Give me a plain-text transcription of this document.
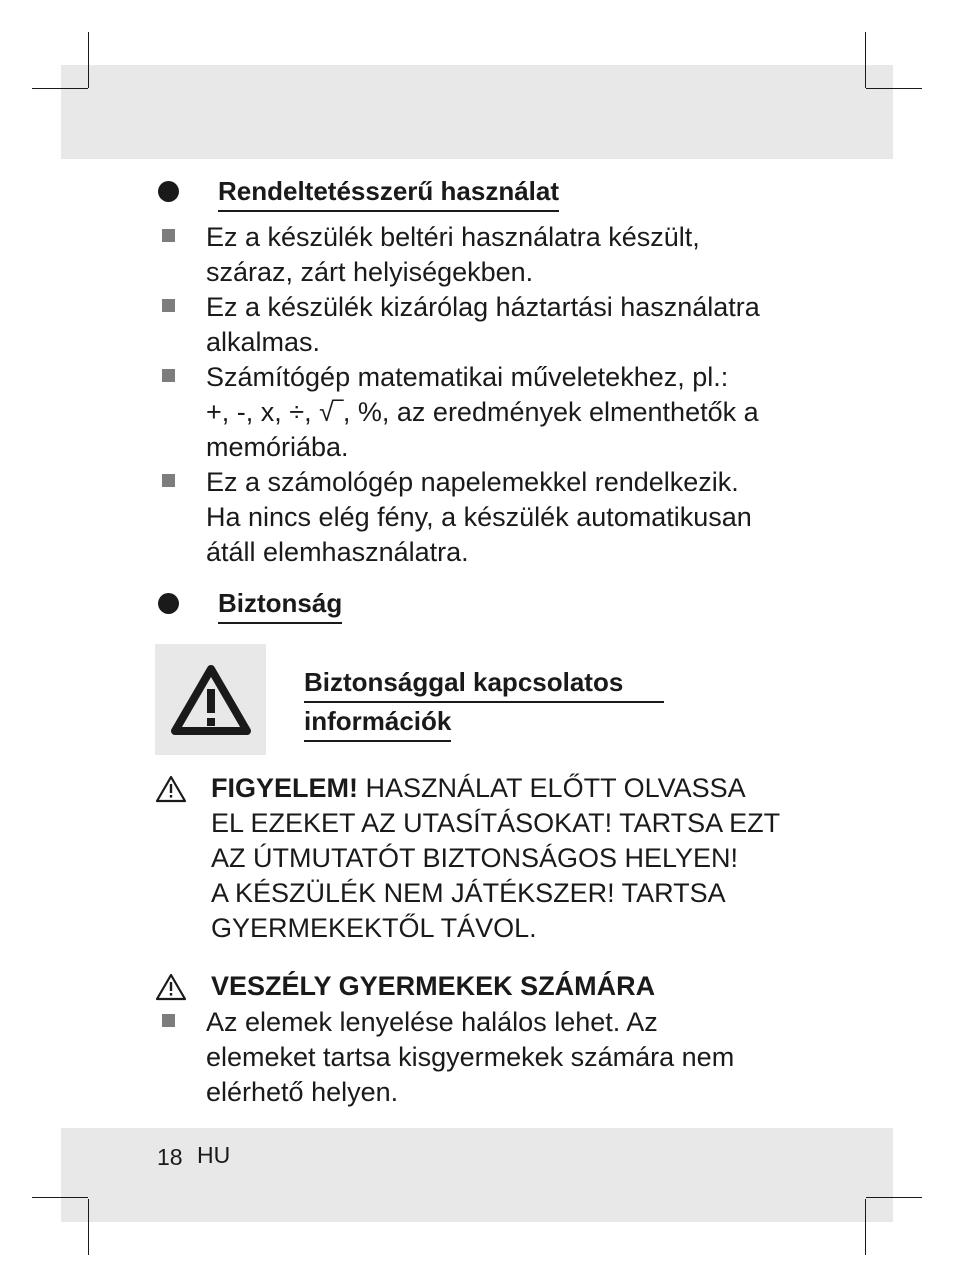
Rendeltetésszerű használat
Ez a készülék beltéri használatra készült,
száraz, zárt helyiségekben.
Ez a készülék kizárólag háztartási használatra
alkalmas.
Számítógép matematikai műveletekhez, pl.:
+, -, x, ÷, √‾, %, az eredmények elmenthetők a
memóriába.
Ez a számológép napelemekkel rendelkezik.
Ha nincs elég fény, a készülék automatikusan
átáll elemhasználatra.
Biztonság
Biztonsággal kapcsolatos
információk
FIGYELEM! HASZNÁLAT ELŐTT OLVASSA
EL EZEKET AZ UTASÍTÁSOKAT! TARTSA EZT
AZ ÚTMUTATÓT BIZTONSÁGOS HELYEN!
A KÉSZÜLÉK NEM JÁTÉKSZER! TARTSA
GYERMEKEKTŐL TÁVOL.
VESZÉLY GYERMEKEK SZÁMÁRA
Az elemek lenyelése halálos lehet. Az
elemeket tartsa kisgyermekek számára nem
elérhető helyen.
18 HU
